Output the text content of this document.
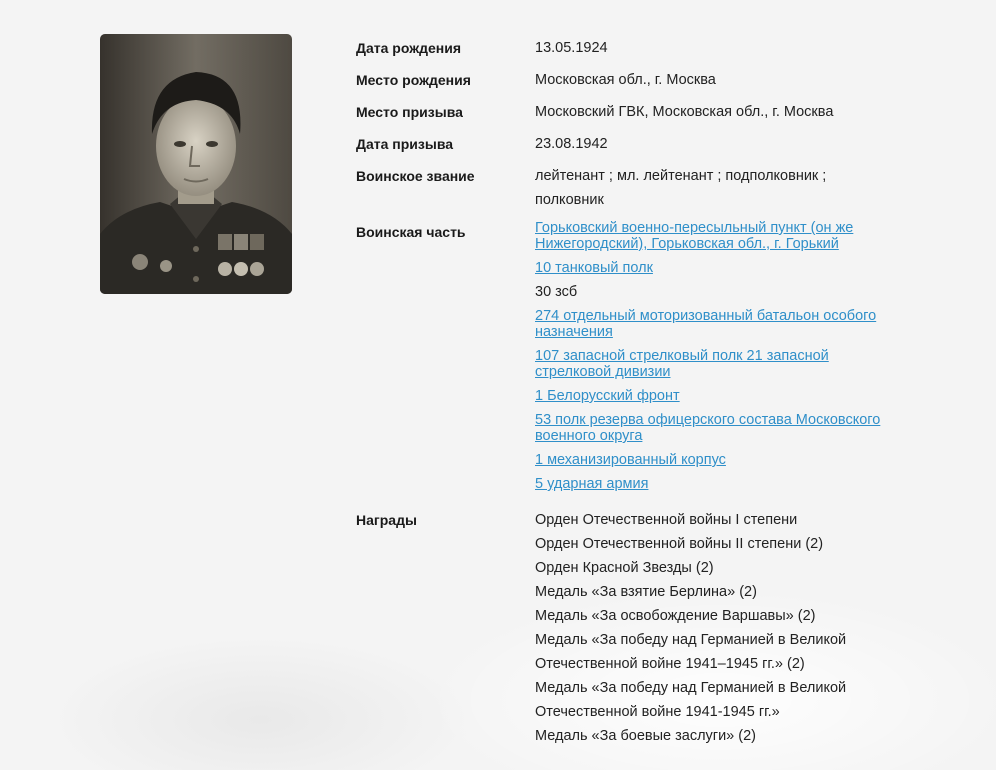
Дата рождения	13.05.1924
Место рождения	Московская обл., г. Москва
Место призыва	Московский ГВК, Московская обл., г. Москва
Дата призыва	23.08.1942
Воинское звание	лейтенант ; мл. лейтенант ; подполковник ; полковник
Воинская часть	Горьковский военно-пересыльный пункт (он же Нижегородский), Горьковская обл., г. Горький
10 танковый полк
30 зсб
274 отдельный моторизованный батальон особого назначения
107 запасной стрелковый полк 21 запасной стрелковой дивизии
1 Белорусский фронт
53 полк резерва офицерского состава Московского военного округа
1 механизированный корпус
5 ударная армия
Награды	Орден Отечественной войны I степени
Орден Отечественной войны II степени (2)
Орден Красной Звезды (2)
Медаль «За взятие Берлина» (2)
Медаль «За освобождение Варшавы» (2)
Медаль «За победу над Германией в Великой Отечественной войне 1941–1945 гг.» (2)
Медаль «За победу над Германией в Великой Отечественной войне 1941-1945 гг.»
Медаль «За боевые заслуги» (2)
